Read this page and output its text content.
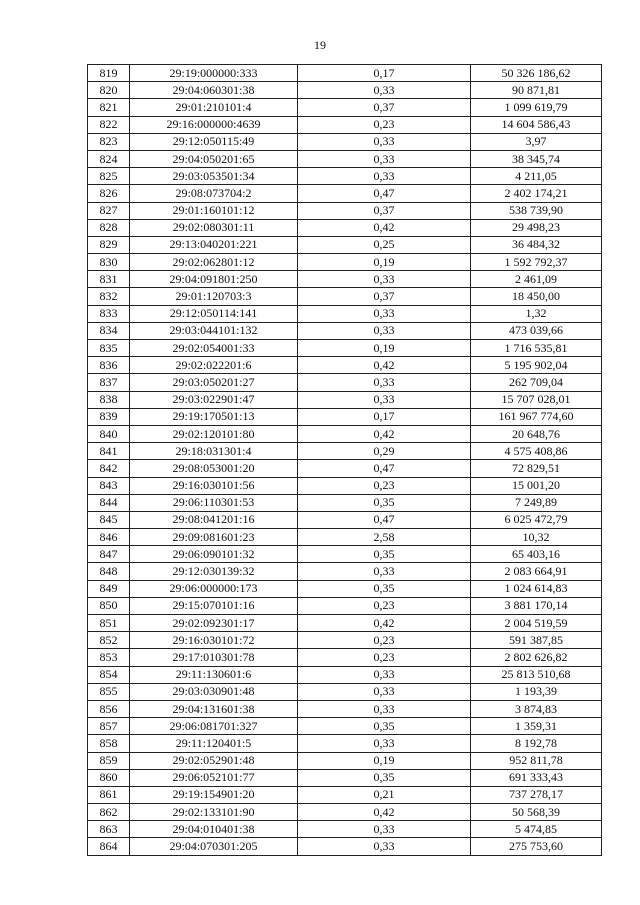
19
819	29:19:000000:333	0,17	50 326 186,62
820	29:04:060301:38	0,33	90 871,81
821	29:01:210101:4	0,37	1 099 619,79
822	29:16:000000:4639	0,23	14 604 586,43
823	29:12:050115:49	0,33	3,97
824	29:04:050201:65	0,33	38 345,74
825	29:03:053501:34	0,33	4 211,05
826	29:08:073704:2	0,47	2 402 174,21
827	29:01:160101:12	0,37	538 739,90
828	29:02:080301:11	0,42	29 498,23
829	29:13:040201:221	0,25	36 484,32
830	29:02:062801:12	0,19	1 592 792,37
831	29:04:091801:250	0,33	2 461,09
832	29:01:120703:3	0,37	18 450,00
833	29:12:050114:141	0,33	1,32
834	29:03:044101:132	0,33	473 039,66
835	29:02:054001:33	0,19	1 716 535,81
836	29:02:022201:6	0,42	5 195 902,04
837	29:03:050201:27	0,33	262 709,04
838	29:03:022901:47	0,33	15 707 028,01
839	29:19:170501:13	0,17	161 967 774,60
840	29:02:120101:80	0,42	20 648,76
841	29:18:031301:4	0,29	4 575 408,86
842	29:08:053001:20	0,47	72 829,51
843	29:16:030101:56	0,23	15 001,20
844	29:06:110301:53	0,35	7 249,89
845	29:08:041201:16	0,47	6 025 472,79
846	29:09:081601:23	2,58	10,32
847	29:06:090101:32	0,35	65 403,16
848	29:12:030139:32	0,33	2 083 664,91
849	29:06:000000:173	0,35	1 024 614,83
850	29:15:070101:16	0,23	3 881 170,14
851	29:02:092301:17	0,42	2 004 519,59
852	29:16:030101:72	0,23	591 387,85
853	29:17:010301:78	0,23	2 802 626,82
854	29:11:130601:6	0,33	25 813 510,68
855	29:03:030901:48	0,33	1 193,39
856	29:04:131601:38	0,33	3 874,83
857	29:06:081701:327	0,35	1 359,31
858	29:11:120401:5	0,33	8 192,78
859	29:02:052901:48	0,19	952 811,78
860	29:06:052101:77	0,35	691 333,43
861	29:19:154901:20	0,21	737 278,17
862	29:02:133101:90	0,42	50 568,39
863	29:04:010401:38	0,33	5 474,85
864	29:04:070301:205	0,33	275 753,60
